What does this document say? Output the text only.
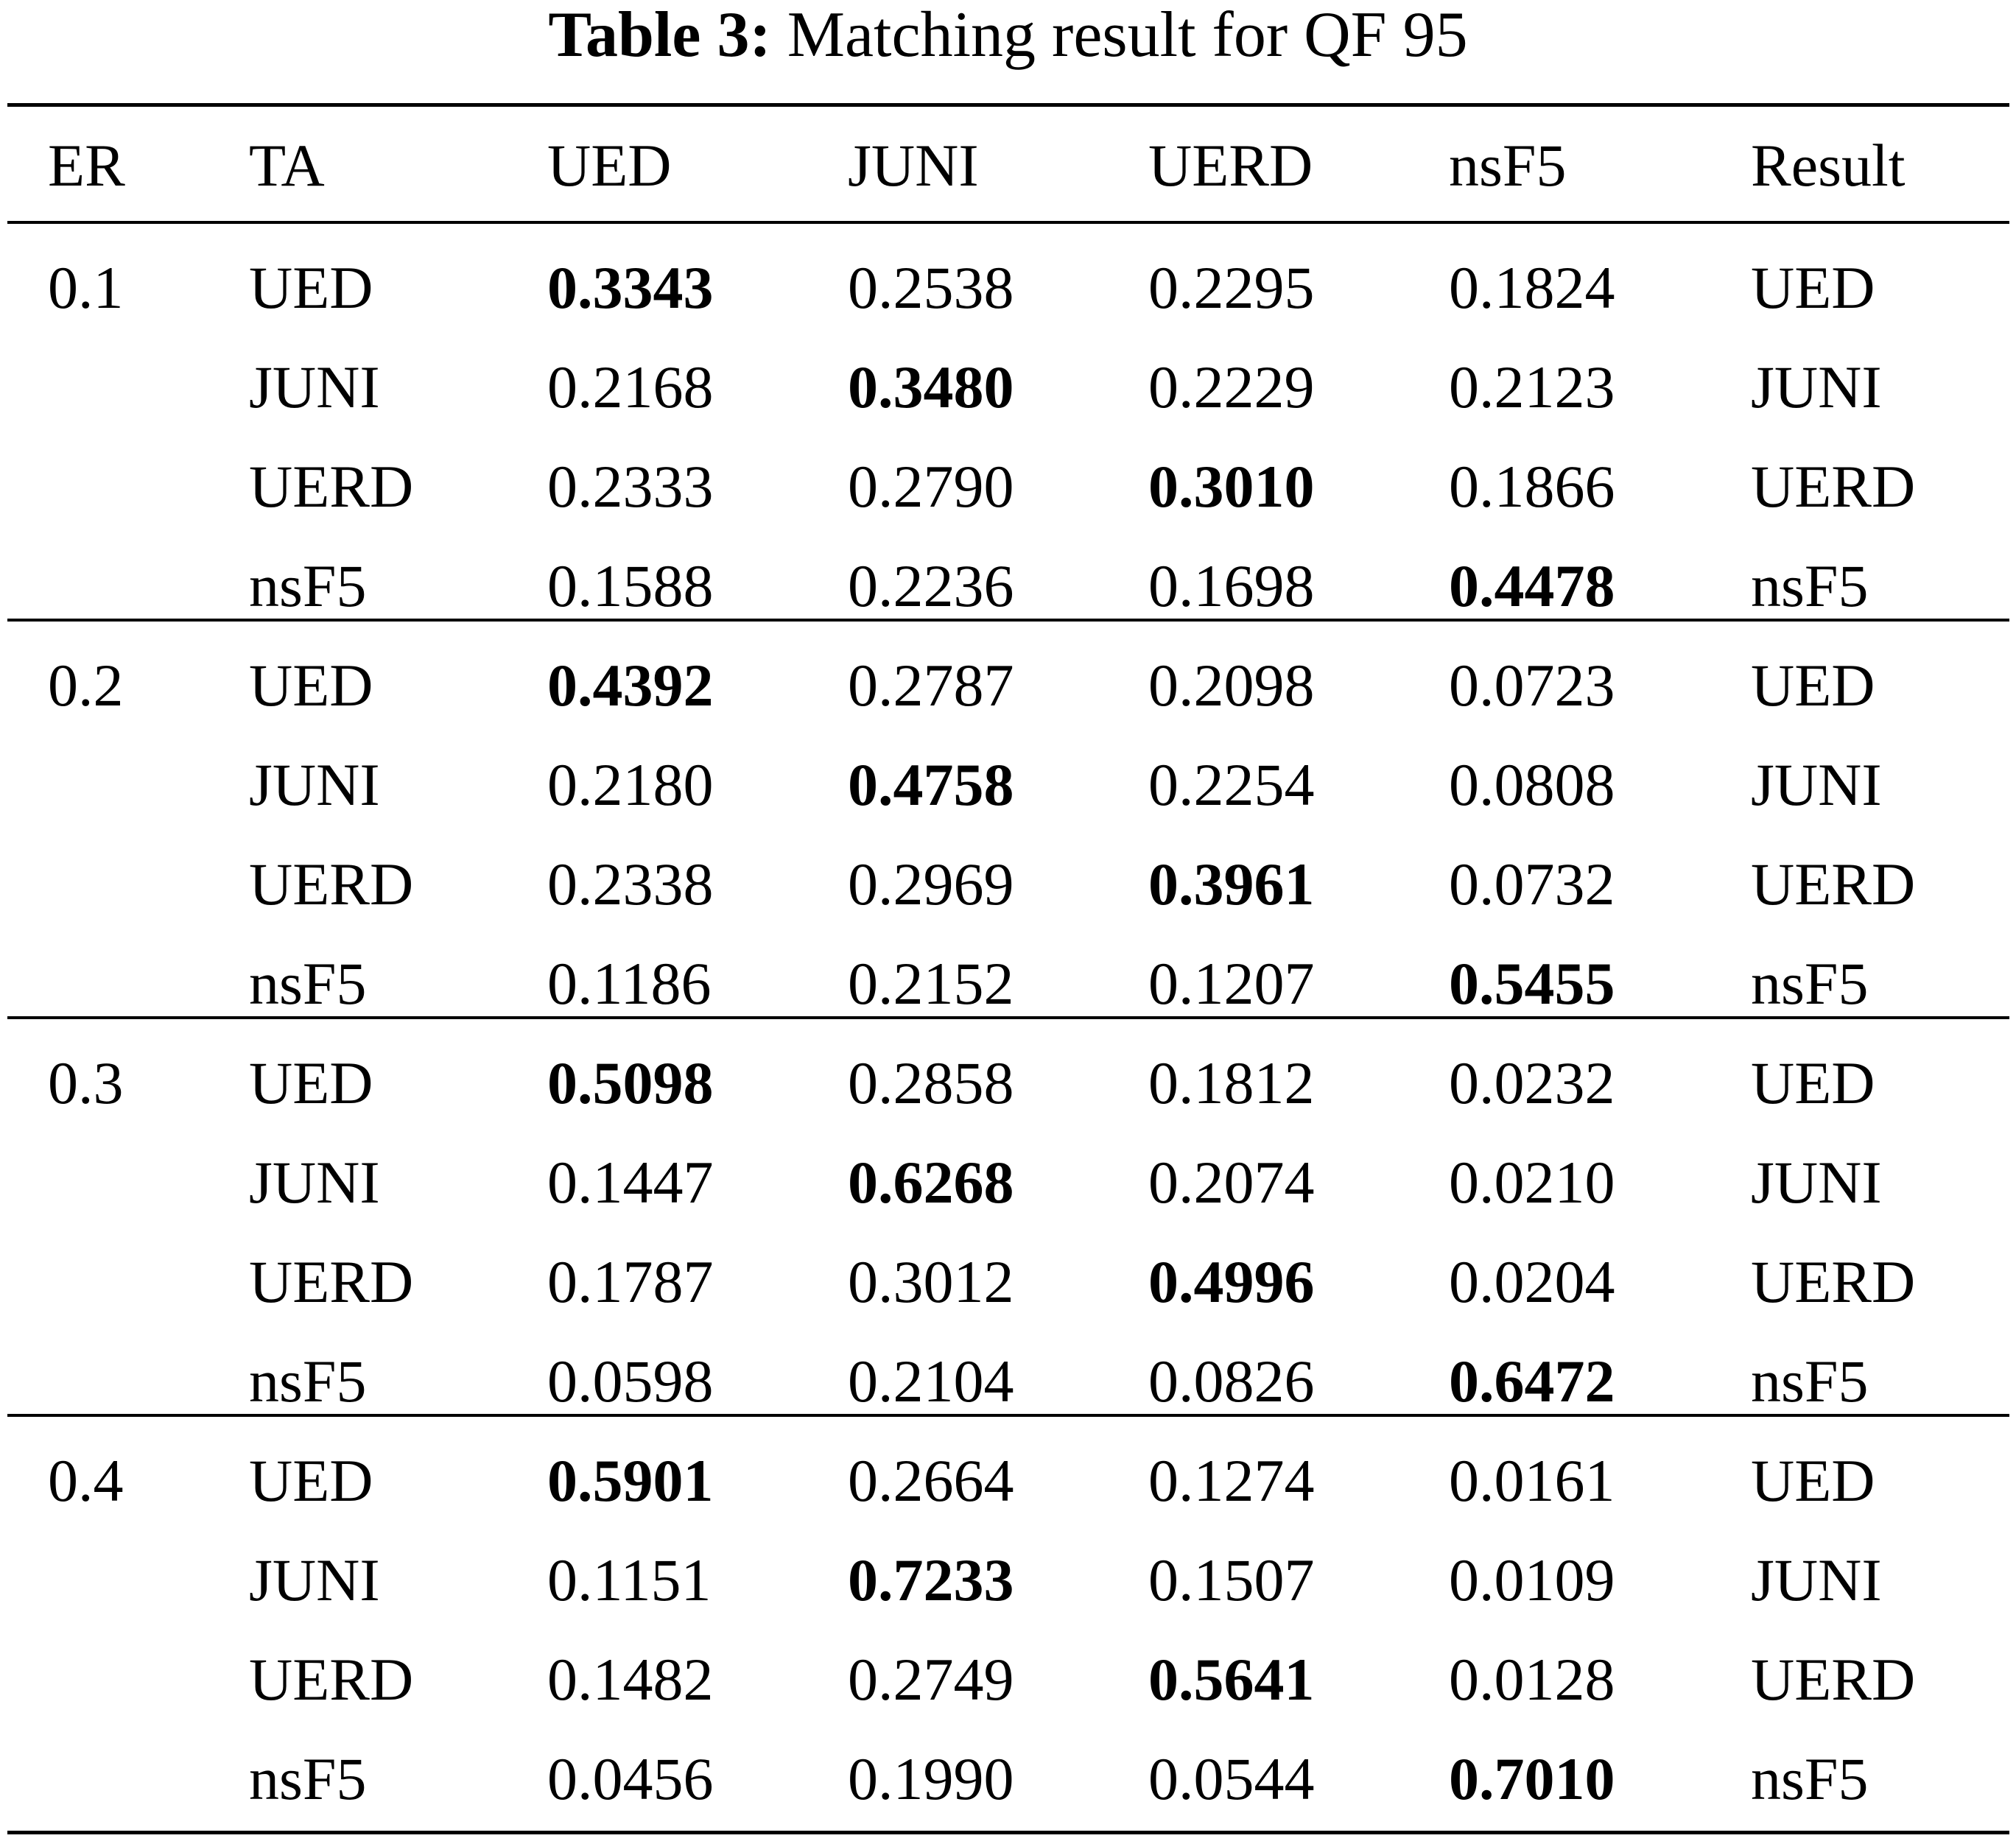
Table 3: Matching result for QF 95
ER TA	UED	JUNI	UERD nsF5	Result
0.1 UED	0.3343 0.2538 0.2295 0.1824 UED
JUNI	0.2168 0.3480 0.2229 0.2123 JUNI
UERD 0.2333 0.2790 0.3010 0.1866 UERD
nsF5	0.1588 0.2236 0.1698 0.4478 nsF5
0.2 UED	0.4392 0.2787 0.2098 0.0723 UED
JUNI	0.2180 0.4758 0.2254 0.0808 JUNI
UERD 0.2338 0.2969 0.3961 0.0732 UERD
nsF5	0.1186 0.2152 0.1207 0.5455 nsF5
0.3 UED	0.5098 0.2858 0.1812 0.0232 UED
JUNI	0.1447 0.6268 0.2074 0.0210 JUNI
UERD 0.1787 0.3012 0.4996 0.0204 UERD
nsF5	0.0598 0.2104 0.0826 0.6472 nsF5
0.4 UED	0.5901 0.2664 0.1274 0.0161 UED
JUNI	0.1151 0.7233 0.1507 0.0109 JUNI
UERD 0.1482 0.2749 0.5641 0.0128 UERD
nsF5	0.0456 0.1990 0.0544 0.7010 nsF5
